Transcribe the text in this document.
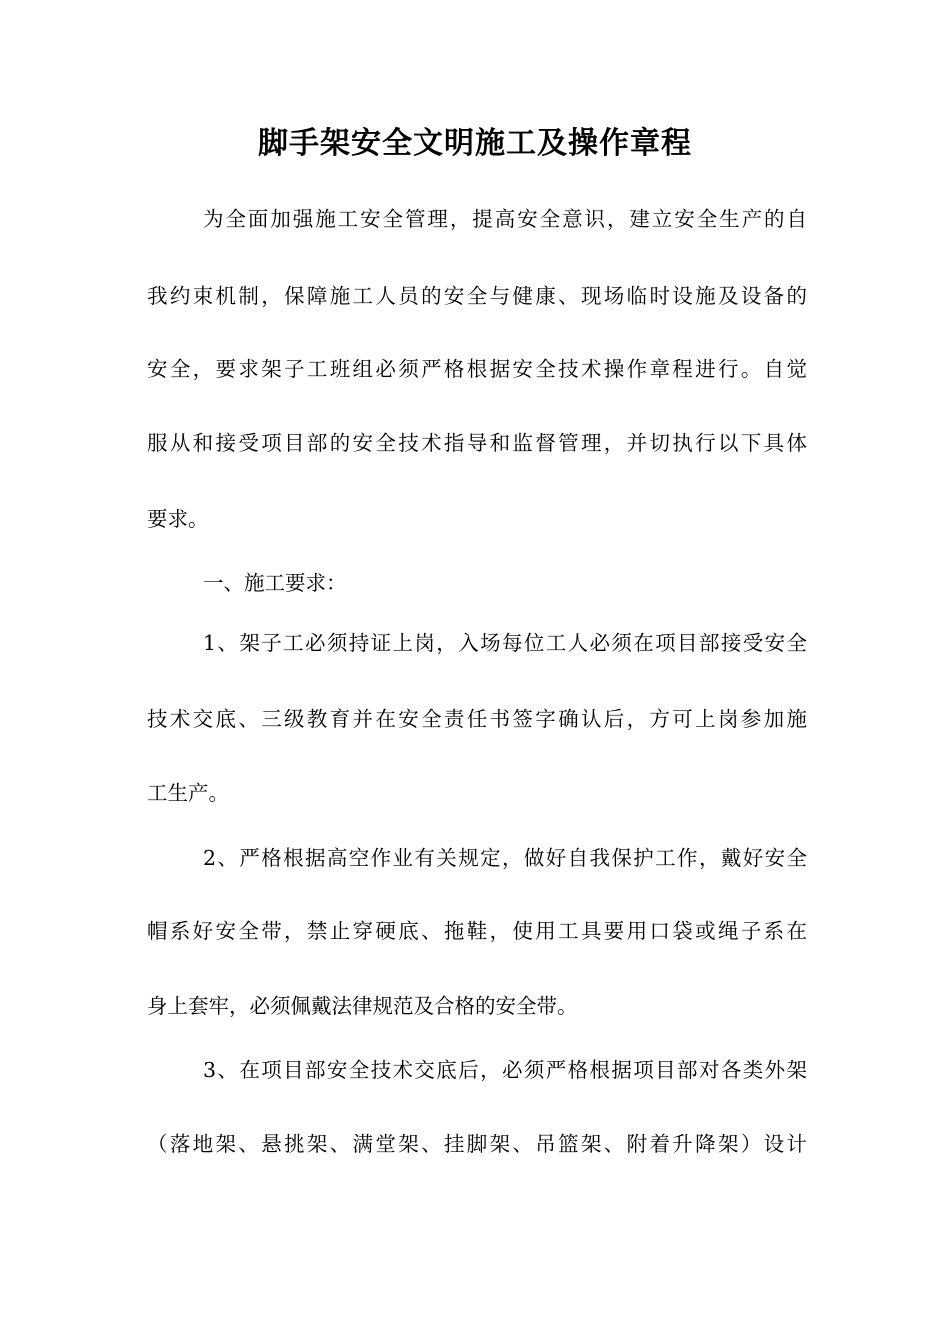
脚手架安全文明施工及操作章程
为全面加强施工安全管理，提高安全意识，建立安全生产的自
我约束机制，保障施工人员的安全与健康、现场临时设施及设备的
安全，要求架子工班组必须严格根据安全技术操作章程进行。自觉
服从和接受项目部的安全技术指导和监督管理，并切执行以下具体
要求。
一、施工要求：
1、架子工必须持证上岗，入场每位工人必须在项目部接受安全
技术交底、三级教育并在安全责任书签字确认后，方可上岗参加施
工生产。
2、严格根据高空作业有关规定，做好自我保护工作，戴好安全
帽系好安全带，禁止穿硬底、拖鞋，使用工具要用口袋或绳子系在
身上套牢，必须佩戴法律规范及合格的安全带。
3、在项目部安全技术交底后，必须严格根据项目部对各类外架
（落地架、悬挑架、满堂架、挂脚架、吊篮架、附着升降架）设计
